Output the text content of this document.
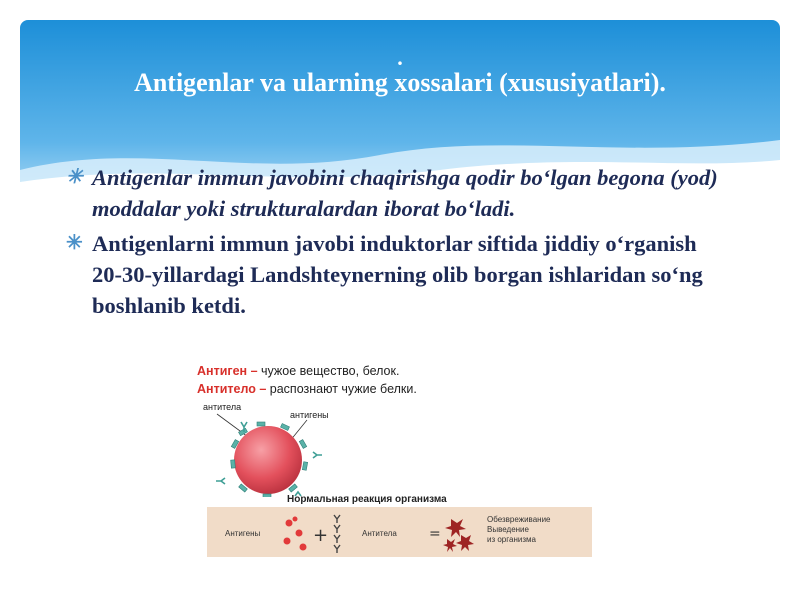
.
Antigenlar va ularning xossalari (xususiyatlari).
✳ Antigenlar immun javobini chaqirishga qodir bo‘lgan begona (yod) moddalar yoki strukturalardan iborat bo‘ladi.
✳ Antigenlarni immun javobi induktorlar siftida jiddiy o‘rganish 20-30-yillardagi Landshteynerning olib borgan ishlaridan so‘ng boshlanib ketdi.
Антиген – чужое вещество, белок.
Антитело – распознают чужие белки.
антитела
антигены
Нормальная реакция организма
Антигены	+	=
Антитела
Обезвреживание
Выведение
из организма
